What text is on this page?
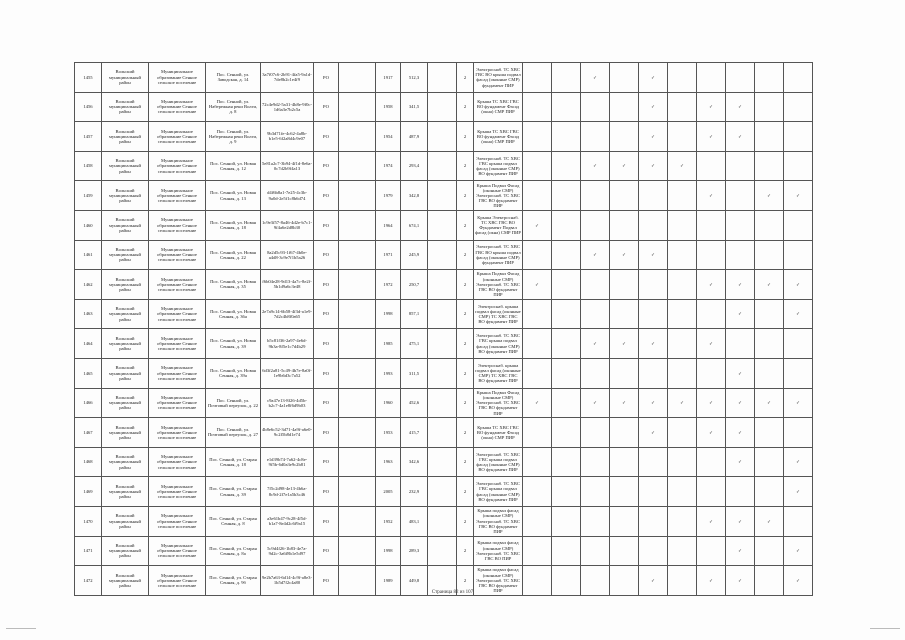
1455	Вольский муниципальный район	Муниципальное образование Сенное сельское поселение	Пос. Сенной, ул. Заводская, д. 14	3a7f07c6-2b91-4fa5-9a1d-7de8b2c1e4f9	РО		1917	512,3		2	Электроснаб. ТС ХВС ГВС ВО крыша подвал фасад (оконные СМР) фундамент ПИР			✓		✓					
1456	Вольский муниципальный район	Муниципальное образование Сенное сельское поселение	Пос. Сенной, ул. Набережная реки Волги, д. 8	72c4e9d2-5a31-4b8e-9f0c-1d6a3e7b2c5a	РО		1958	341,5		2	Крыша ТС ХВС ГВС ВО фундамент Фасад (окна) СМР ПИР					✓		✓	✓		
1457	Вольский муниципальный район	Муниципальное образование Сенное сельское поселение	Пос. Сенной, ул. Набережная реки Волги, д. 9	9b3d71fe-4c62-4a8b-b1e5-6f2a8d4c9e07	РО		1954	487,9		2	Крыша ТС ХВС ГВС ВО фундамент Фасад (окна) СМР ПИР					✓		✓	✓		
1458	Вольский муниципальный район	Муниципальное образование Сенное сельское поселение	Пос. Сенной, ул. Новая Сенная, д. 12	5e81a2c7-3b94-4f1d-8e6a-0c7d2b9f4a13	РО		1974	293,4		2	Электроснаб. ТС ХВС ГВС крыша подвал фасад (оконные СМР) ВО фундамент ПИР			✓	✓	✓	✓				
1459	Вольский муниципальный район	Муниципальное образование Сенное сельское поселение	Пос. Сенной, ул. Новая Сенная, д. 13	d4f6b8a1-7e25-4c3b-9a0d-2e5f1c8b6d74	РО		1979	342,8		2	Крыша Подвал Фасад (оконные СМР) Электроснаб. ТС ХВС ГВС ВО фундамент ПИР							✓		✓	✓
1460	Вольский муниципальный район	Муниципальное образование Сенное сельское поселение	Пос. Сенной, ул. Новая Сенная, д. 18	1c9e3f57-8a46-4d2e-b7c1-9f4a6e2d8b30	РО		1964	674,1		2	Крыша Электроснаб. ТС ХВС ГВС ВО Фундамент Подвал фасад (окна) СМР ПИР	✓									
1461	Вольский муниципальный район	Муниципальное образование Сенное сельское поселение	Пос. Сенной, ул. Новая Сенная, д. 22	8a2d5c93-1f67-4b0e-a4d8-3c9e7f1b5a26	РО		1971	245,9		2	Электроснаб. ТС ХВС ГВС ВО крыша подвал фасад (оконные СМР) фундамент ПИР			✓	✓	✓					
1462	Вольский муниципальный район	Муниципальное образование Сенное сельское поселение	Пос. Сенной, ул. Новая Сенная, д. 35	f6b04e28-9d13-4a7c-8e2f-5b1d9a6c3e48	РО		1972	250,7		2	Крыша Подвал Фасад (оконные СМР) Электроснаб. ТС ХВС ГВС ВО фундамент ПИР	✓						✓	✓	✓	✓
1463	Вольский муниципальный район	Муниципальное образование Сенное сельское поселение	Пос. Сенной, ул. Новая Сенная, д. 36а	2e7a9c14-6b58-4f3d-a1e9-7d2c4b8f0a65	РО		1998	857,1		2	Электроснаб. крыша подвал фасад (оконные СМР) ТС ХВС ГВС ВО фундамент ПИР								✓		✓
1464	Вольский муниципальный район	Муниципальное образование Сенное сельское поселение	Пос. Сенной, ул. Новая Сенная, д. 39	b5c81f36-2a97-4e6d-9b3a-8f5e1c7d4b29	РО		1985	475,1		2	Электроснаб. ТС ХВС ГВС крыша подвал фасад (оконные СМР) ВО фундамент ПИР			✓	✓	✓		✓			
1465	Вольский муниципальный район	Муниципальное образование Сенное сельское поселение	Пос. Сенной, ул. Новая Сенная, д. 39а	6d3f2a81-5c49-4b7e-8a0f-1e9b6d3c7a52	РО		1993	311,5		2	Электроснаб. крыша подвал фасад (оконные СМР) ТС ХВС ГВС ВО фундамент ПИР								✓		
1466	Вольский муниципальный район	Муниципальное образование Сенное сельское поселение	Пос. Сенной, ул. Почтовый переулок, д. 22	c9a47e13-8f26-4d5b-b2c7-4a1e8f6d9b03	РО		1960	452,6		2	Крыша Подвал Фасад (оконные СМР) Электроснаб. ТС ХВС ГВС ВО фундамент ПИР	✓		✓	✓	✓	✓	✓	✓	✓	✓
1467	Вольский муниципальный район	Муниципальное образование Сенное сельское поселение	Пос. Сенной, ул. Почтовый переулок, д. 27	4b8e6c52-3d71-4a9f-a6e0-9c2f5b8d1e74	РО		1953	415,7		2	Крыша ТС ХВС ГВС ВО фундамент Фасад (окна) СМР ПИР					✓		✓	✓		
1468	Вольский муниципальный район	Муниципальное образование Сенное сельское поселение	Пос. Сенной, ул. Старая Сенная, д. 18	e1d39b74-7a62-4c8e-9f5b-6d0a3e9c2b81	РО		1963	342,6		2	Электроснаб. ТС ХВС ГВС крыша подвал фасад (оконные СМР) ВО фундамент ПИР								✓		✓
1469	Вольский муниципальный район	Муниципальное образование Сенное сельское поселение	Пос. Сенной, ул. Старая Сенная, д. 39	7f5c2d98-4e13-4b6a-8c9d-2f7e1a5b3c46	РО		2005	232,9		2	Электроснаб. ТС ХВС ГВС крыша подвал фасад (оконные СМР) ВО фундамент ПИР										✓
1470	Вольский муниципальный район	Муниципальное образование Сенное сельское поселение	Пос. Сенной, ул. Старая Сенная, д. 8	a3e61b47-9c28-4f5d-b1a7-8e4d2c6f9a15	РО		1952	483,1		2	Крыша подвал фасад (оконные СМР) Электроснаб. ТС ХВС ГВС ВО фундамент ПИР							✓	✓	✓	
1471	Вольский муниципальный район	Муниципальное образование Сенное сельское поселение	Пос. Сенной, ул. Старая Сенная, д. 8а	5c9d4f26-1b83-4e7a-9d2c-3a6f8b1e5d97	РО		1998	289,3		2	Крыша подвал фасад (оконные СМР) Электроснаб. ТС ХВС ГВС ВО ПИР								✓		✓
1472	Вольский муниципальный район	Муниципальное образование Сенное сельское поселение	Пос. Сенной, ул. Старая Сенная, д. 9б	9e2b7a63-6d14-4c9f-a8e3-1b5d7f2c4a80	РО		1989	449,8		2	Крыша подвал фасад (оконные СМР) Электроснаб. ТС ХВС ГВС ВО фундамент ПИР					✓		✓	✓		✓
Страница 82 из 107
